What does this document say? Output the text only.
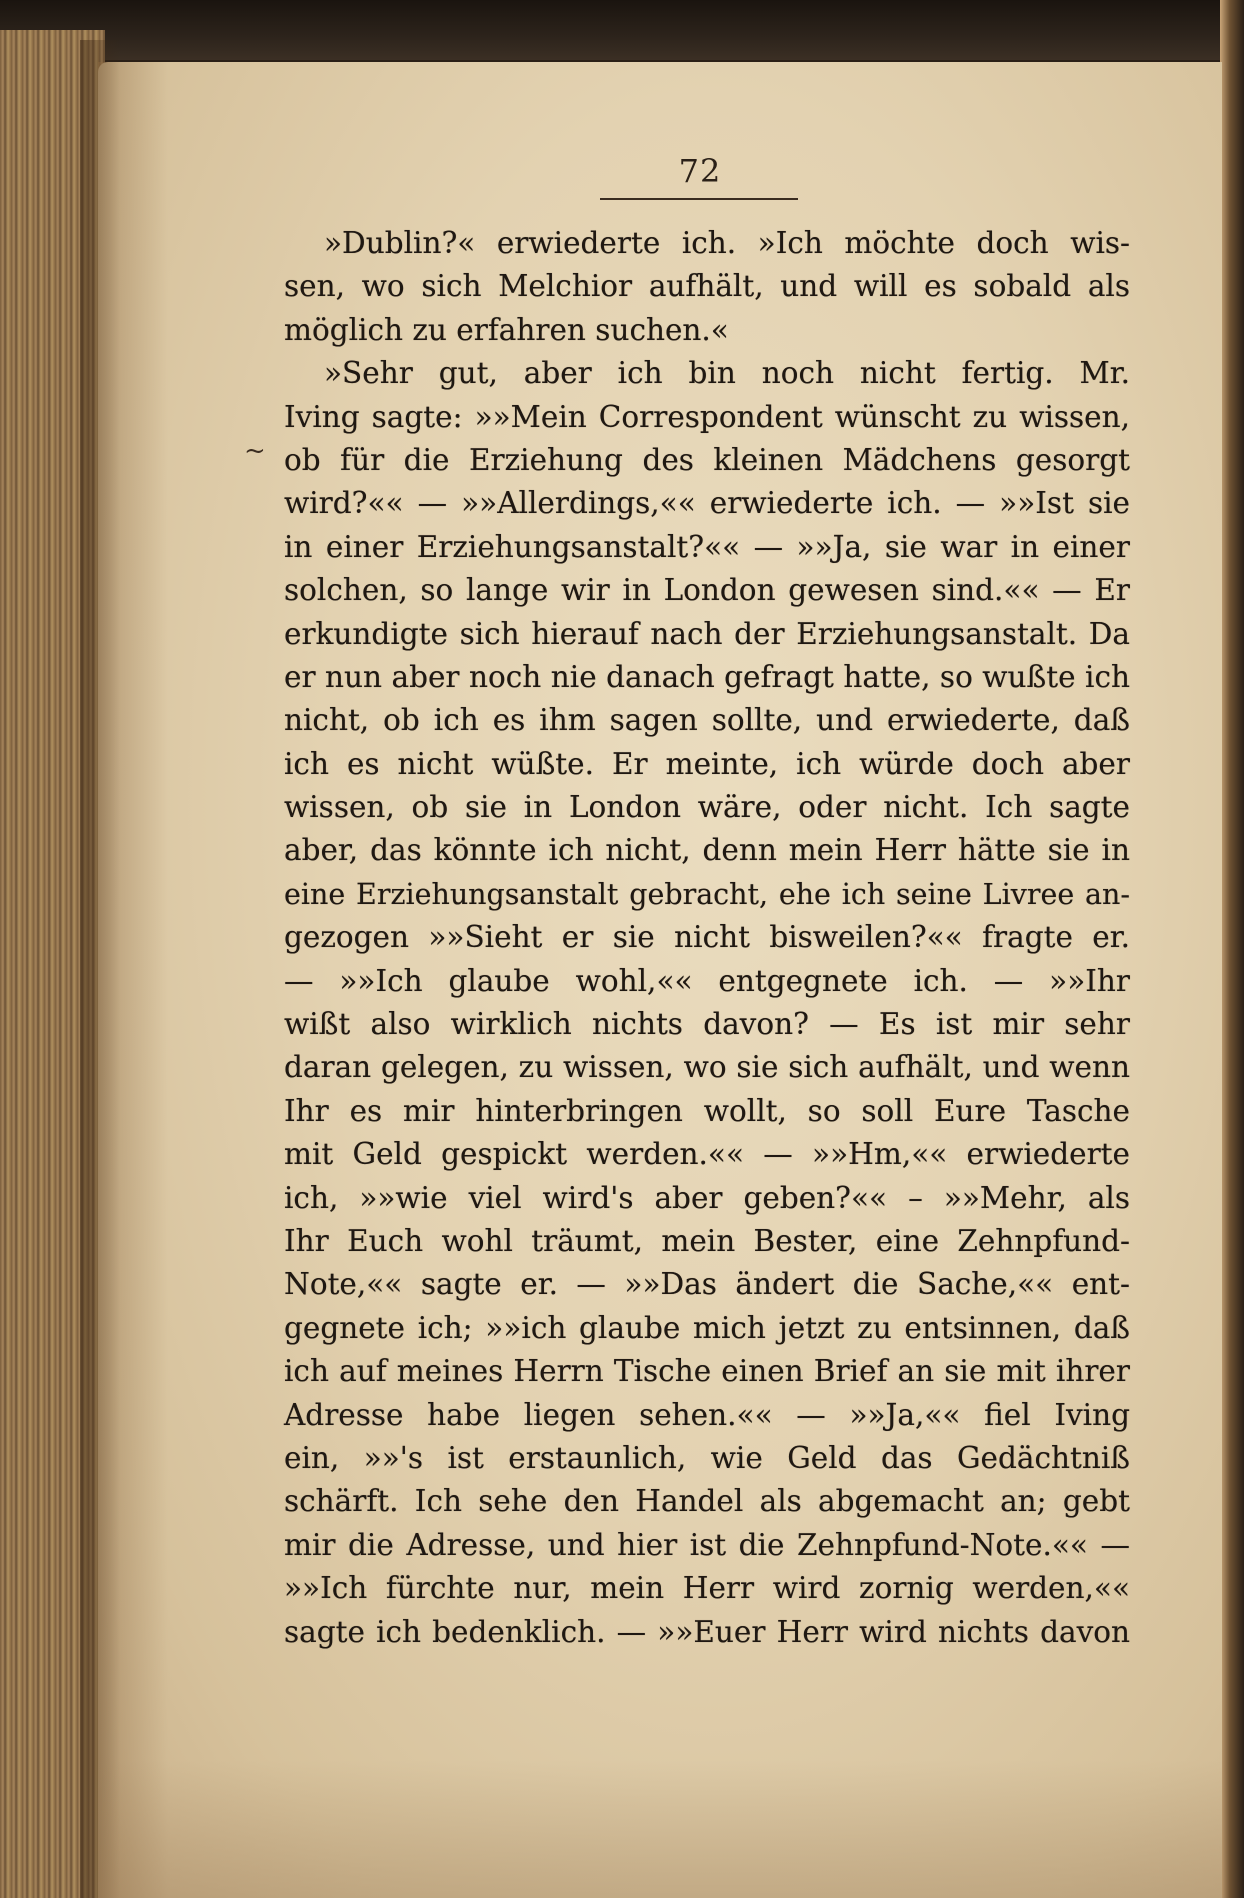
72
~
»Dublin?« erwiederte ich. »Ich möchte doch wis-
sen, wo sich Melchior aufhält, und will es sobald als
möglich zu erfahren suchen.«
»Sehr gut, aber ich bin noch nicht fertig. Mr.
Iving sagte: »»Mein Correspondent wünscht zu wissen,
ob für die Erziehung des kleinen Mädchens gesorgt
wird?«« — »»Allerdings,«« erwiederte ich. — »»Ist sie
in einer Erziehungsanstalt?«« — »»Ja, sie war in einer
solchen, so lange wir in London gewesen sind.«« — Er
erkundigte sich hierauf nach der Erziehungsanstalt. Da
er nun aber noch nie danach gefragt hatte, so wußte ich
nicht, ob ich es ihm sagen sollte, und erwiederte, daß
ich es nicht wüßte. Er meinte, ich würde doch aber
wissen, ob sie in London wäre, oder nicht. Ich sagte
aber, das könnte ich nicht, denn mein Herr hätte sie in
eine Erziehungsanstalt gebracht, ehe ich seine Livree an-
gezogen »»Sieht er sie nicht bisweilen?«« fragte er.
— »»Ich glaube wohl,«« entgegnete ich. — »»Ihr
wißt also wirklich nichts davon? — Es ist mir sehr
daran gelegen, zu wissen, wo sie sich aufhält, und wenn
Ihr es mir hinterbringen wollt, so soll Eure Tasche
mit Geld gespickt werden.«« — »»Hm,«« erwiederte
ich, »»wie viel wird's aber geben?«« – »»Mehr, als
Ihr Euch wohl träumt, mein Bester, eine Zehnpfund-
Note,«« sagte er. — »»Das ändert die Sache,«« ent-
gegnete ich; »»ich glaube mich jetzt zu entsinnen, daß
ich auf meines Herrn Tische einen Brief an sie mit ihrer
Adresse habe liegen sehen.«« — »»Ja,«« fiel Iving
ein, »»'s ist erstaunlich, wie Geld das Gedächtniß
schärft. Ich sehe den Handel als abgemacht an; gebt
mir die Adresse, und hier ist die Zehnpfund-Note.«« —
»»Ich fürchte nur, mein Herr wird zornig werden,««
sagte ich bedenklich. — »»Euer Herr wird nichts davon
